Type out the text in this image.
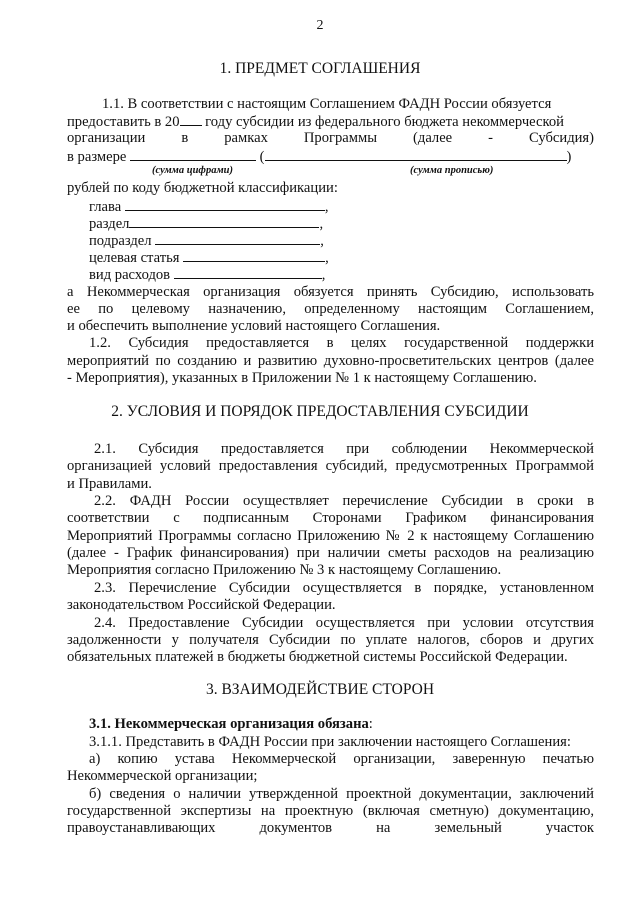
2
1. ПРЕДМЕТ СОГЛАШЕНИЯ
1.1. В соответствии с настоящим Соглашением ФАДН России обязуется
предоставить в 20 году субсидии из федерального бюджета некоммерческой
организации в рамках Программы (далее - Субсидия)
в размере	(	)
(сумма цифрами)	(сумма прописью)
рублей по коду бюджетной классификации:
глава	,
раздел	,
подраздел	,
целевая статья	,
вид расходов	,
а Некоммерческая организация обязуется принять Субсидию, использовать
ее по целевому назначению, определенному настоящим Соглашением,
и обеспечить выполнение условий настоящего Соглашения.
1.2. Субсидия предоставляется в целях государственной поддержки
мероприятий по созданию и развитию духовно-просветительских центров (далее
- Мероприятия), указанных в Приложении № 1 к настоящему Соглашению.
2. УСЛОВИЯ И ПОРЯДОК ПРЕДОСТАВЛЕНИЯ СУБСИДИИ
2.1. Субсидия предоставляется при соблюдении Некоммерческой
организацией условий предоставления субсидий, предусмотренных Программой
и Правилами.
2.2. ФАДН России осуществляет перечисление Субсидии в сроки в
соответствии с подписанным Сторонами Графиком финансирования
Мероприятий Программы согласно Приложению № 2 к настоящему Соглашению
(далее - График финансирования) при наличии сметы расходов на реализацию
Мероприятия согласно Приложению № 3 к настоящему Соглашению.
2.3. Перечисление Субсидии осуществляется в порядке, установленном
законодательством Российской Федерации.
2.4. Предоставление Субсидии осуществляется при условии отсутствия
задолженности у получателя Субсидии по уплате налогов, сборов и других
обязательных платежей в бюджеты бюджетной системы Российской Федерации.
3. ВЗАИМОДЕЙСТВИЕ СТОРОН
3.1. Некоммерческая организация обязана:
3.1.1. Представить в ФАДН России при заключении настоящего Соглашения:
а) копию устава Некоммерческой организации, заверенную печатью
Некоммерческой организации;
б) сведения о наличии утвержденной проектной документации, заключений
государственной экспертизы на проектную (включая сметную) документацию,
правоустанавливающих документов на земельный участок
